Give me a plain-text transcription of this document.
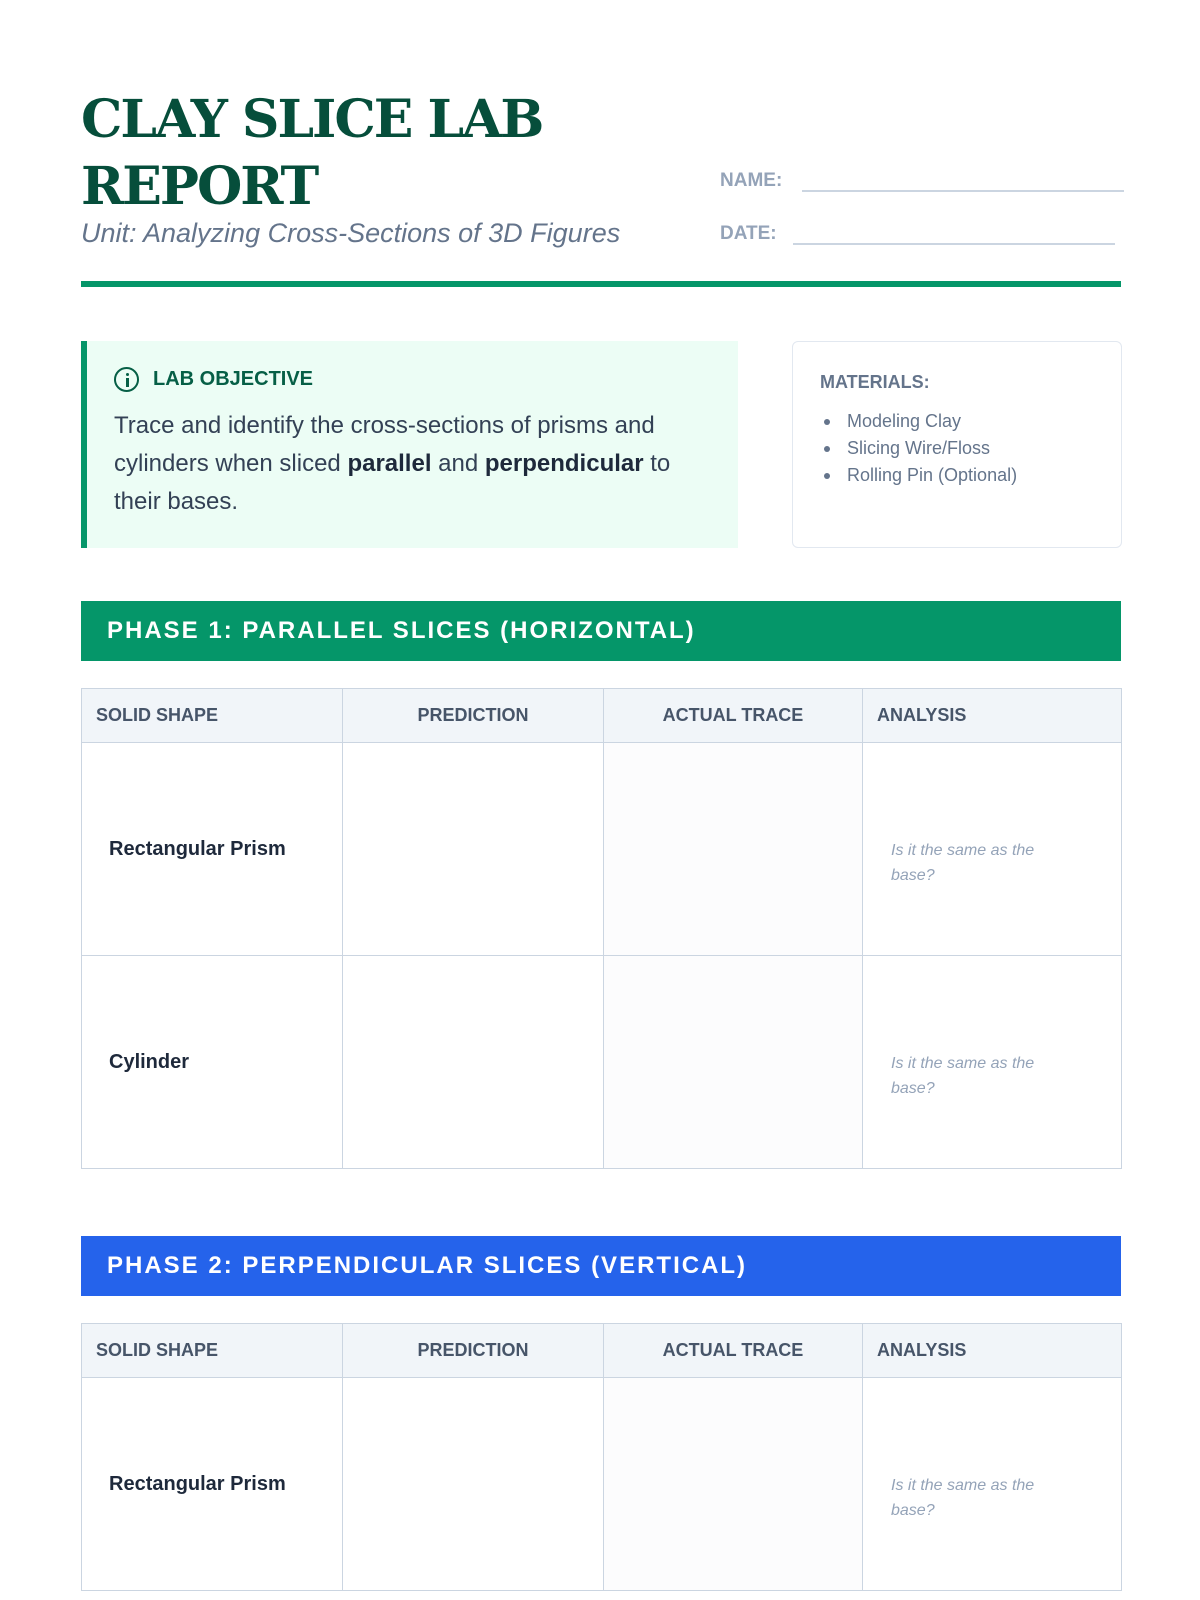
CLAY SLICE LAB REPORT
Unit: Analyzing Cross-Sections of 3D Figures
NAME:
DATE:
LAB OBJECTIVE

Trace and identify the cross-sections of prisms and cylinders when sliced parallel and perpendicular to their bases.

MATERIALS:
Modeling Clay
Slicing Wire/Floss
Rolling Pin (Optional)
PHASE 1: PARALLEL SLICES (HORIZONTAL)
SOLID SHAPE	PREDICTION	ACTUAL TRACE	ANALYSIS
Rectangular Prism			Is it the same as the base?
Cylinder			Is it the same as the base?
PHASE 2: PERPENDICULAR SLICES (VERTICAL)
SOLID SHAPE	PREDICTION	ACTUAL TRACE	ANALYSIS
Rectangular Prism			Is it the same as the base?
